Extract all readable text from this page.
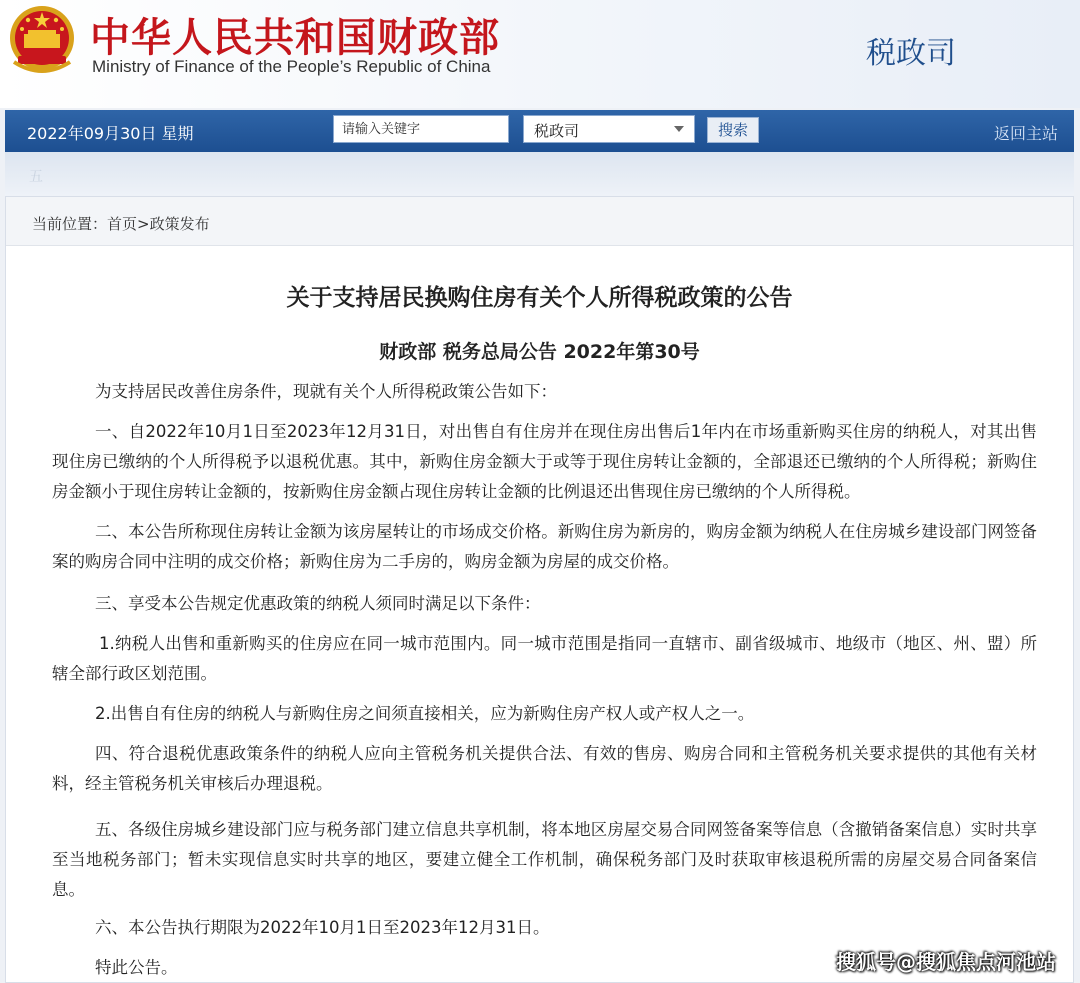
中华人民共和国财政部
Ministry of Finance of the People’s Republic of China	税政司
2022年09月30日 星期
请输入关键字	税政司	搜索	返回主站
五
当前位置：首页>政策发布
关于支持居民换购住房有关个人所得税政策的公告
财政部 税务总局公告 2022年第30号
为支持居民改善住房条件，现就有关个人所得税政策公告如下：
一、自2022年10月1日至2023年12月31日，对出售自有住房并在现住房出售后1年内在市场重新购买住房的纳税人，对其出售现住房已缴纳的个人所得税予以退税优惠。其中，新购住房金额大于或等于现住房转让金额的，全部退还已缴纳的个人所得税；新购住房金额小于现住房转让金额的，按新购住房金额占现住房转让金额的比例退还出售现住房已缴纳的个人所得税。
二、本公告所称现住房转让金额为该房屋转让的市场成交价格。新购住房为新房的，购房金额为纳税人在住房城乡建设部门网签备案的购房合同中注明的成交价格；新购住房为二手房的，购房金额为房屋的成交价格。
三、享受本公告规定优惠政策的纳税人须同时满足以下条件：
1.纳税人出售和重新购买的住房应在同一城市范围内。同一城市范围是指同一直辖市、副省级城市、地级市（地区、州、盟）所辖全部行政区划范围。
2.出售自有住房的纳税人与新购住房之间须直接相关，应为新购住房产权人或产权人之一。
四、符合退税优惠政策条件的纳税人应向主管税务机关提供合法、有效的售房、购房合同和主管税务机关要求提供的其他有关材料，经主管税务机关审核后办理退税。
五、各级住房城乡建设部门应与税务部门建立信息共享机制，将本地区房屋交易合同网签备案等信息（含撤销备案信息）实时共享至当地税务部门；暂未实现信息实时共享的地区，要建立健全工作机制，确保税务部门及时获取审核退税所需的房屋交易合同备案信息。
六、本公告执行期限为2022年10月1日至2023年12月31日。
特此公告。	搜狐号@搜狐焦点河池站
